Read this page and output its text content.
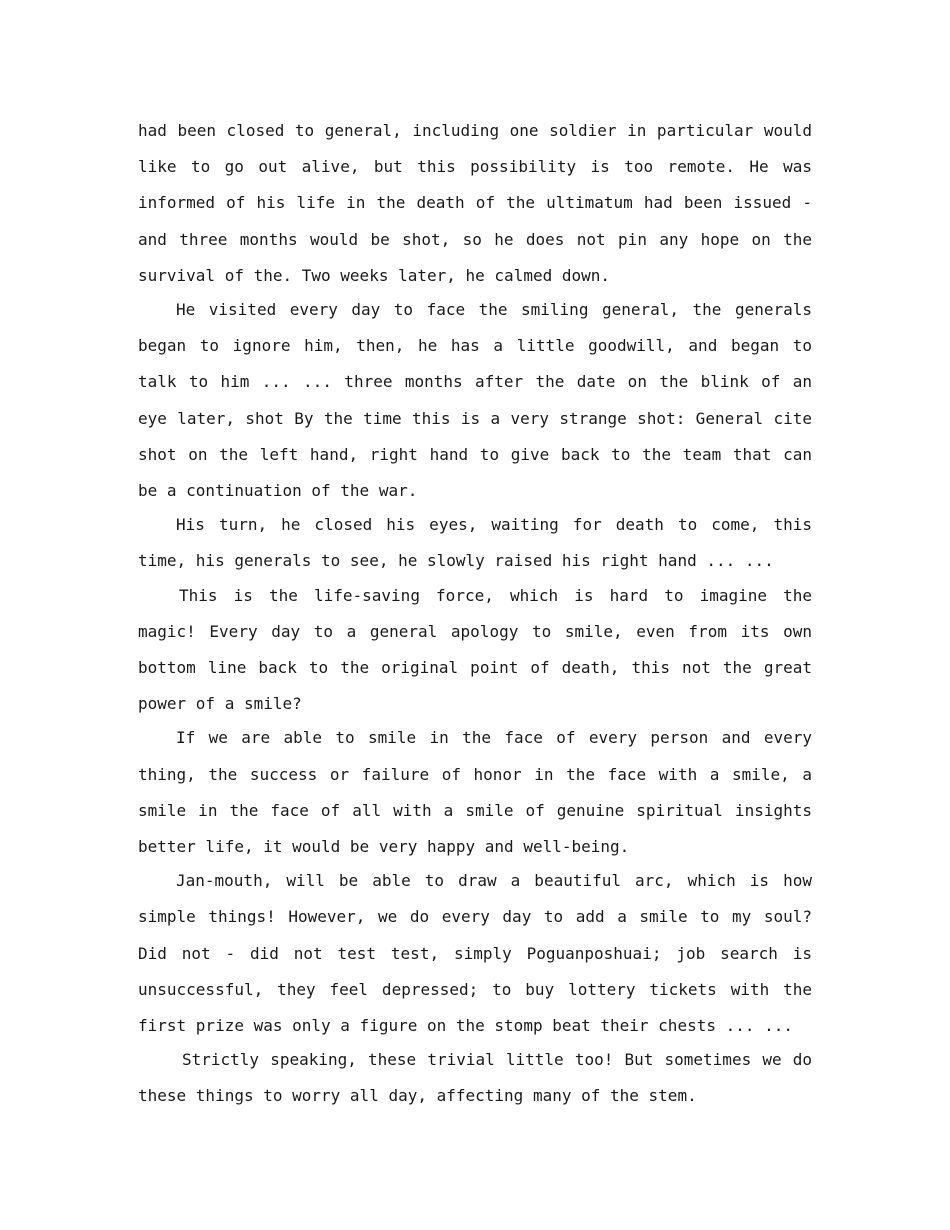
had been closed to general, including one soldier in particular would like to go out alive, but this possibility is too remote. He was informed of his life in the death of the ultimatum had been issued - and three months would be shot, so he does not pin any hope on the survival of the. Two weeks later, he calmed down.

He visited every day to face the smiling general, the generals began to ignore him, then, he has a little goodwill, and began to talk to him ... ... three months after the date on the blink of an eye later, shot By the time this is a very strange shot: General cite shot on the left hand, right hand to give back to the team that can be a continuation of the war.

His turn, he closed his eyes, waiting for death to come, this time, his generals to see, he slowly raised his right hand ... ...

This is the life-saving force, which is hard to imagine the magic! Every day to a general apology to smile, even from its own bottom line back to the original point of death, this not the great power of a smile?

If we are able to smile in the face of every person and every thing, the success or failure of honor in the face with a smile, a smile in the face of all with a smile of genuine spiritual insights better life, it would be very happy and well-being.

Jan-mouth, will be able to draw a beautiful arc, which is how simple things! However, we do every day to add a smile to my soul? Did not - did not test test, simply Poguanposhuai; job search is unsuccessful, they feel depressed; to buy lottery tickets with the first prize was only a figure on the stomp beat their chests ... ...

Strictly speaking, these trivial little too! But sometimes we do these things to worry all day, affecting many of the stem.
